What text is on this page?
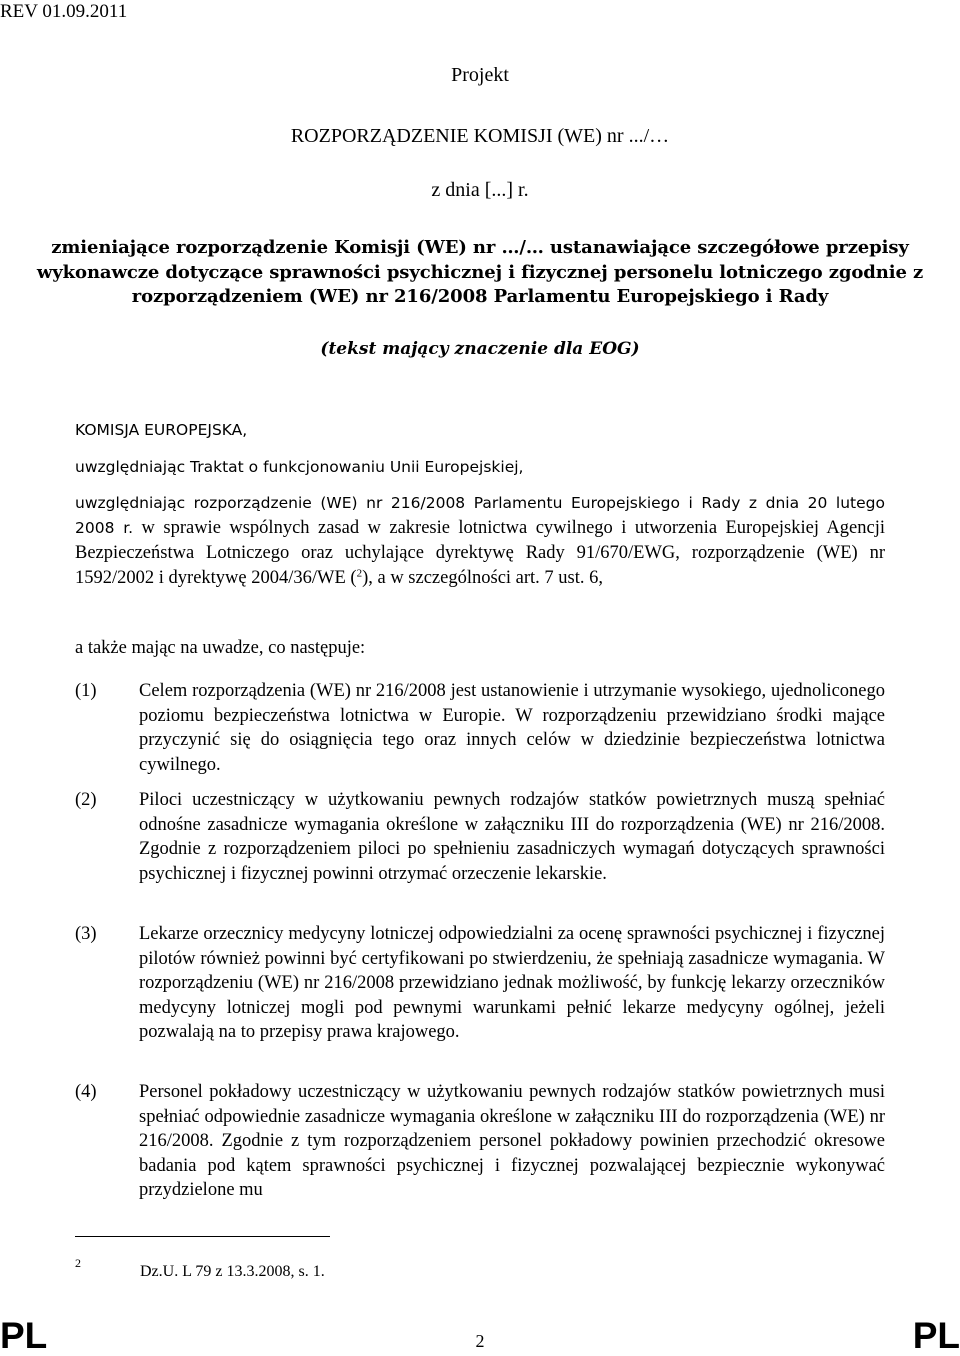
REV 01.09.2011
Projekt
ROZPORZĄDZENIE KOMISJI (WE) nr .../…
z dnia [...] r.
zmieniające rozporządzenie Komisji (WE) nr …/… ustanawiające szczegółowe przepisy
wykonawcze dotyczące sprawności psychicznej i fizycznej personelu lotniczego zgodnie z
rozporządzeniem (WE) nr 216/2008 Parlamentu Europejskiego i Rady
(tekst mający znaczenie dla EOG)
KOMISJA EUROPEJSKA,
uwzględniając Traktat o funkcjonowaniu Unii Europejskiej,
uwzględniając rozporządzenie (WE) nr 216/2008 Parlamentu Europejskiego i Rady z dnia 20 lutego 2008 r. w sprawie wspólnych zasad w zakresie lotnictwa cywilnego i utworzenia Europejskiej Agencji Bezpieczeństwa Lotniczego oraz uchylające dyrektywę Rady 91/670/EWG, rozporządzenie (WE) nr 1592/2002 i dyrektywę 2004/36/WE ($^2$), a w szczególności art. 7 ust. 6,
a także mając na uwadze, co następuje:
(1) Celem rozporządzenia (WE) nr 216/2008 jest ustanowienie i utrzymanie wysokiego, ujednoliconego poziomu bezpieczeństwa lotnictwa w Europie. W rozporządzeniu przewidziano środki mające przyczynić się do osiągnięcia tego oraz innych celów w dziedzinie bezpieczeństwa lotnictwa cywilnego.
(2) Piloci uczestniczący w użytkowaniu pewnych rodzajów statków powietrznych muszą spełniać odnośne zasadnicze wymagania określone w załączniku III do rozporządzenia (WE) nr 216/2008. Zgodnie z rozporządzeniem piloci po spełnieniu zasadniczych wymagań dotyczących sprawności psychicznej i fizycznej powinni otrzymać orzeczenie lekarskie.
(3) Lekarze orzecznicy medycyny lotniczej odpowiedzialni za ocenę sprawności psychicznej i fizycznej pilotów również powinni być certyfikowani po stwierdzeniu, że spełniają zasadnicze wymagania. W rozporządzeniu (WE) nr 216/2008 przewidziano jednak możliwość, by funkcję lekarzy orzeczników medycyny lotniczej mogli pod pewnymi warunkami pełnić lekarze medycyny ogólnej, jeżeli pozwalają na to przepisy prawa krajowego.
(4) Personel pokładowy uczestniczący w użytkowaniu pewnych rodzajów statków powietrznych musi spełniać odpowiednie zasadnicze wymagania określone w załączniku III do rozporządzenia (WE) nr 216/2008. Zgodnie z tym rozporządzeniem personel pokładowy powinien przechodzić okresowe badania pod kątem sprawności psychicznej i fizycznej pozwalającej bezpiecznie wykonywać przydzielone mu
2	Dz.U. L 79 z 13.3.2008, s. 1.
PL	2	PL
